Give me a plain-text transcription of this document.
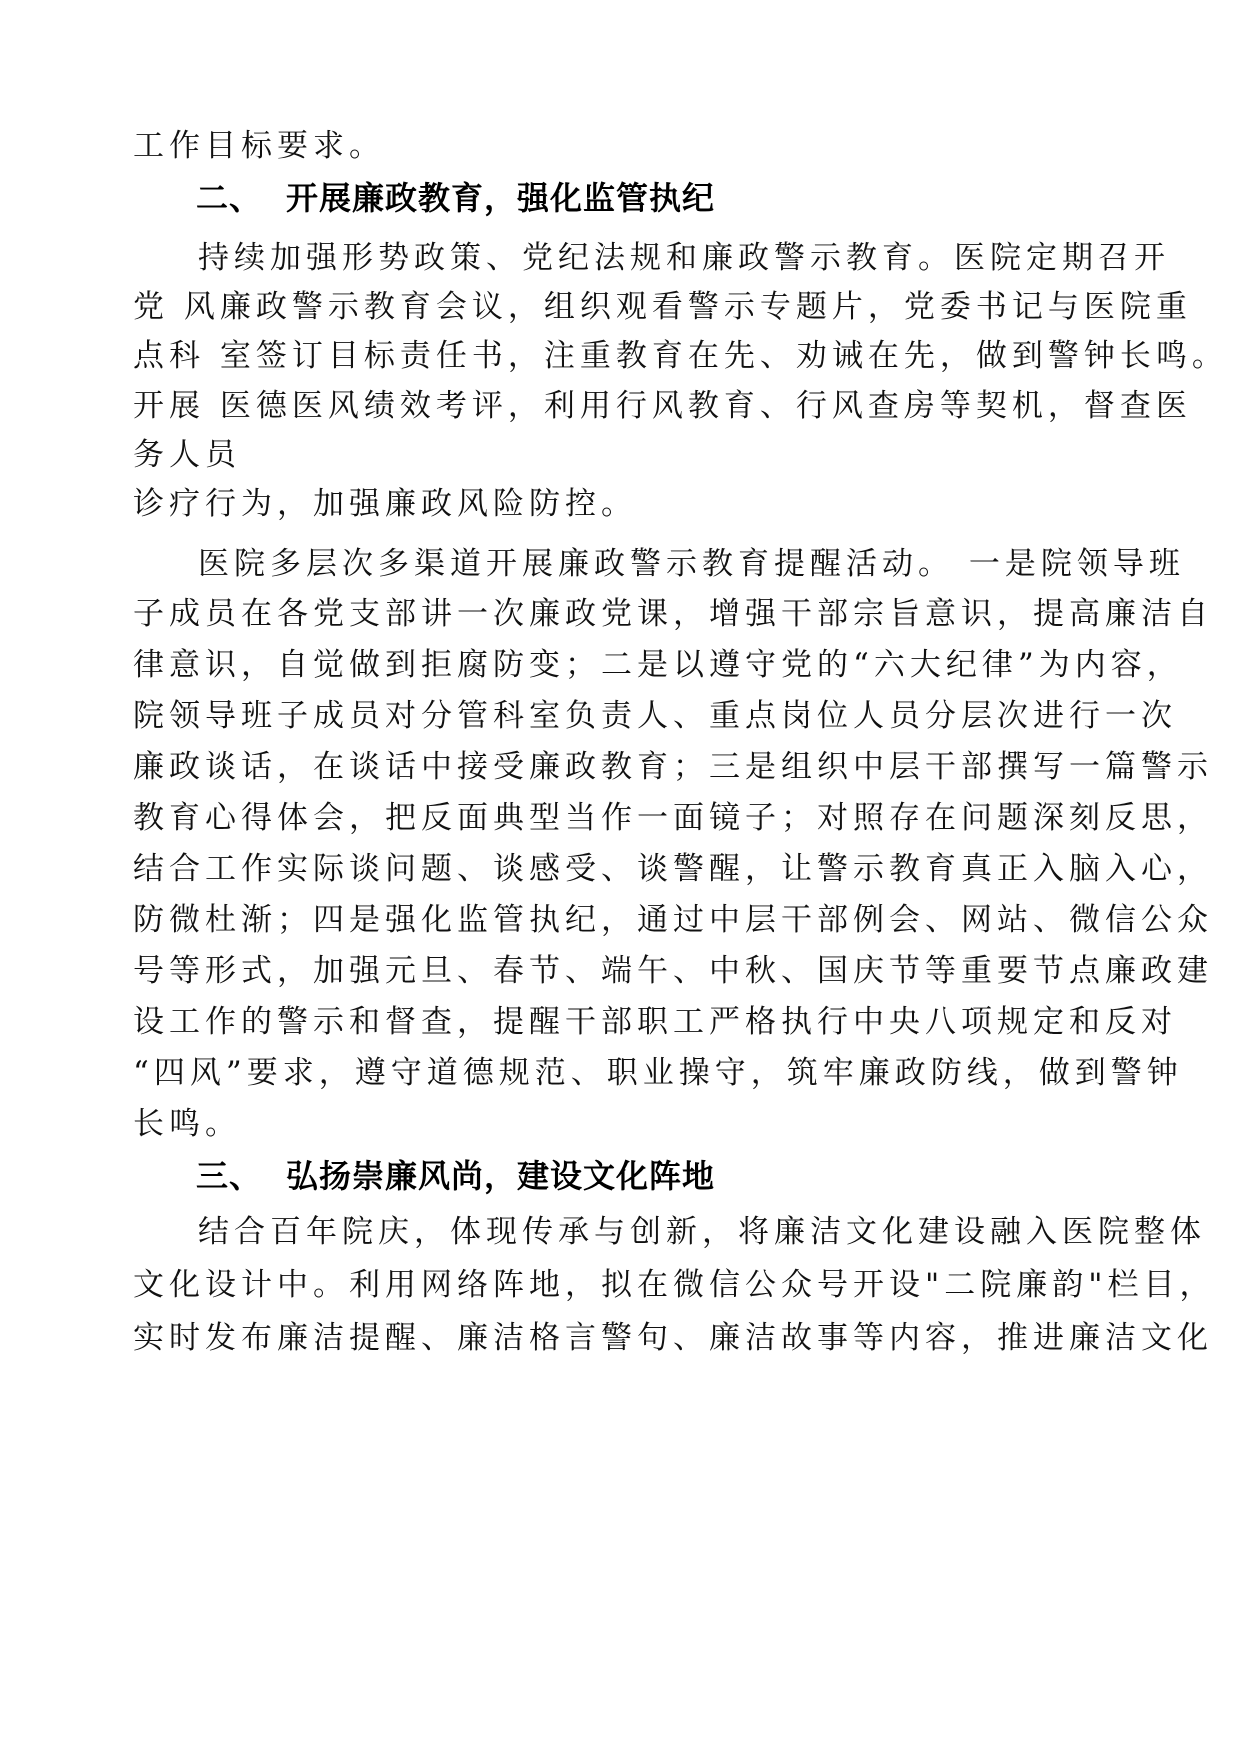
工作目标要求。

二、 开展廉政教育，强化监管执纪

持续加强形势政策、党纪法规和廉政警示教育。医院定期召开

党 风廉政警示教育会议，组织观看警示专题片，党委书记与医院重

点科 室签订目标责任书，注重教育在先、劝诫在先，做到警钟长鸣。

开展 医德医风绩效考评，利用行风教育、行风查房等契机，督查医

务人员

诊疗行为，加强廉政风险防控。

医院多层次多渠道开展廉政警示教育提醒活动。 一是院领导班

子成员在各党支部讲一次廉政党课，增强干部宗旨意识，提高廉洁自

律意识，自觉做到拒腐防变；二是以遵守党的“六大纪律”为内容，

院领导班子成员对分管科室负责人、重点岗位人员分层次进行一次

廉政谈话，在谈话中接受廉政教育；三是组织中层干部撰写一篇警示

教育心得体会，把反面典型当作一面镜子；对照存在问题深刻反思，

结合工作实际谈问题、谈感受、谈警醒，让警示教育真正入脑入心，

防微杜渐；四是强化监管执纪，通过中层干部例会、网站、微信公众

号等形式，加强元旦、春节、端午、中秋、国庆节等重要节点廉政建

设工作的警示和督查，提醒干部职工严格执行中央八项规定和反对

“四风”要求，遵守道德规范、职业操守，筑牢廉政防线，做到警钟

长鸣。

三、 弘扬崇廉风尚，建设文化阵地

结合百年院庆，体现传承与创新，将廉洁文化建设融入医院整体

文化设计中。利用网络阵地，拟在微信公众号开设"二院廉韵"栏目，

实时发布廉洁提醒、廉洁格言警句、廉洁故事等内容，推进廉洁文化
